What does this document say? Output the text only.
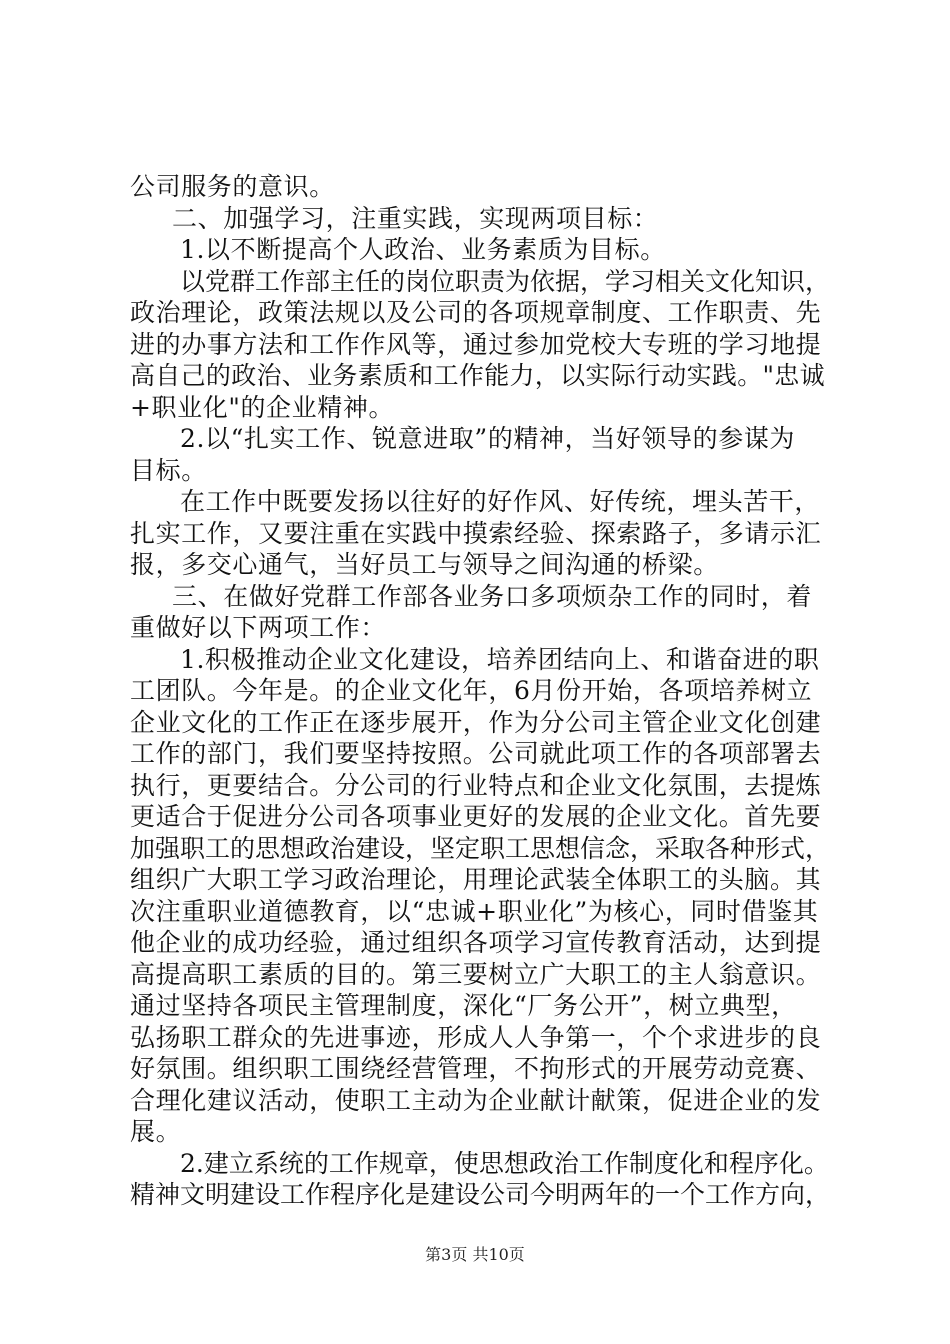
公司服务的意识。
二、加强学习，注重实践，实现两项目标：
1.以不断提高个人政治、业务素质为目标。
以党群工作部主任的岗位职责为依据，学习相关文化知识，
政治理论，政策法规以及公司的各项规章制度、工作职责、先
进的办事方法和工作作风等，通过参加党校大专班的学习地提
高自己的政治、业务素质和工作能力，以实际行动实践。"忠诚
+职业化"的企业精神。
2.以“扎实工作、锐意进取”的精神，当好领导的参谋为
目标。
在工作中既要发扬以往好的好作风、好传统，埋头苦干，
扎实工作，又要注重在实践中摸索经验、探索路子，多请示汇
报，多交心通气，当好员工与领导之间沟通的桥梁。
三、在做好党群工作部各业务口多项烦杂工作的同时，着
重做好以下两项工作：
1.积极推动企业文化建设，培养团结向上、和谐奋进的职
工团队。今年是。的企业文化年，6月份开始，各项培养树立
企业文化的工作正在逐步展开，作为分公司主管企业文化创建
工作的部门，我们要坚持按照。公司就此项工作的各项部署去
执行，更要结合。分公司的行业特点和企业文化氛围，去提炼
更适合于促进分公司各项事业更好的发展的企业文化。首先要
加强职工的思想政治建设，坚定职工思想信念，采取各种形式，
组织广大职工学习政治理论，用理论武装全体职工的头脑。其
次注重职业道德教育，以“忠诚+职业化”为核心，同时借鉴其
他企业的成功经验，通过组织各项学习宣传教育活动，达到提
高提高职工素质的目的。第三要树立广大职工的主人翁意识。
通过坚持各项民主管理制度，深化“厂务公开”，树立典型，
弘扬职工群众的先进事迹，形成人人争第一，个个求进步的良
好氛围。组织职工围绕经营管理，不拘形式的开展劳动竞赛、
合理化建议活动，使职工主动为企业献计献策，促进企业的发
展。
2.建立系统的工作规章，使思想政治工作制度化和程序化。
精神文明建设工作程序化是建设公司今明两年的一个工作方向，
第3页 共10页
